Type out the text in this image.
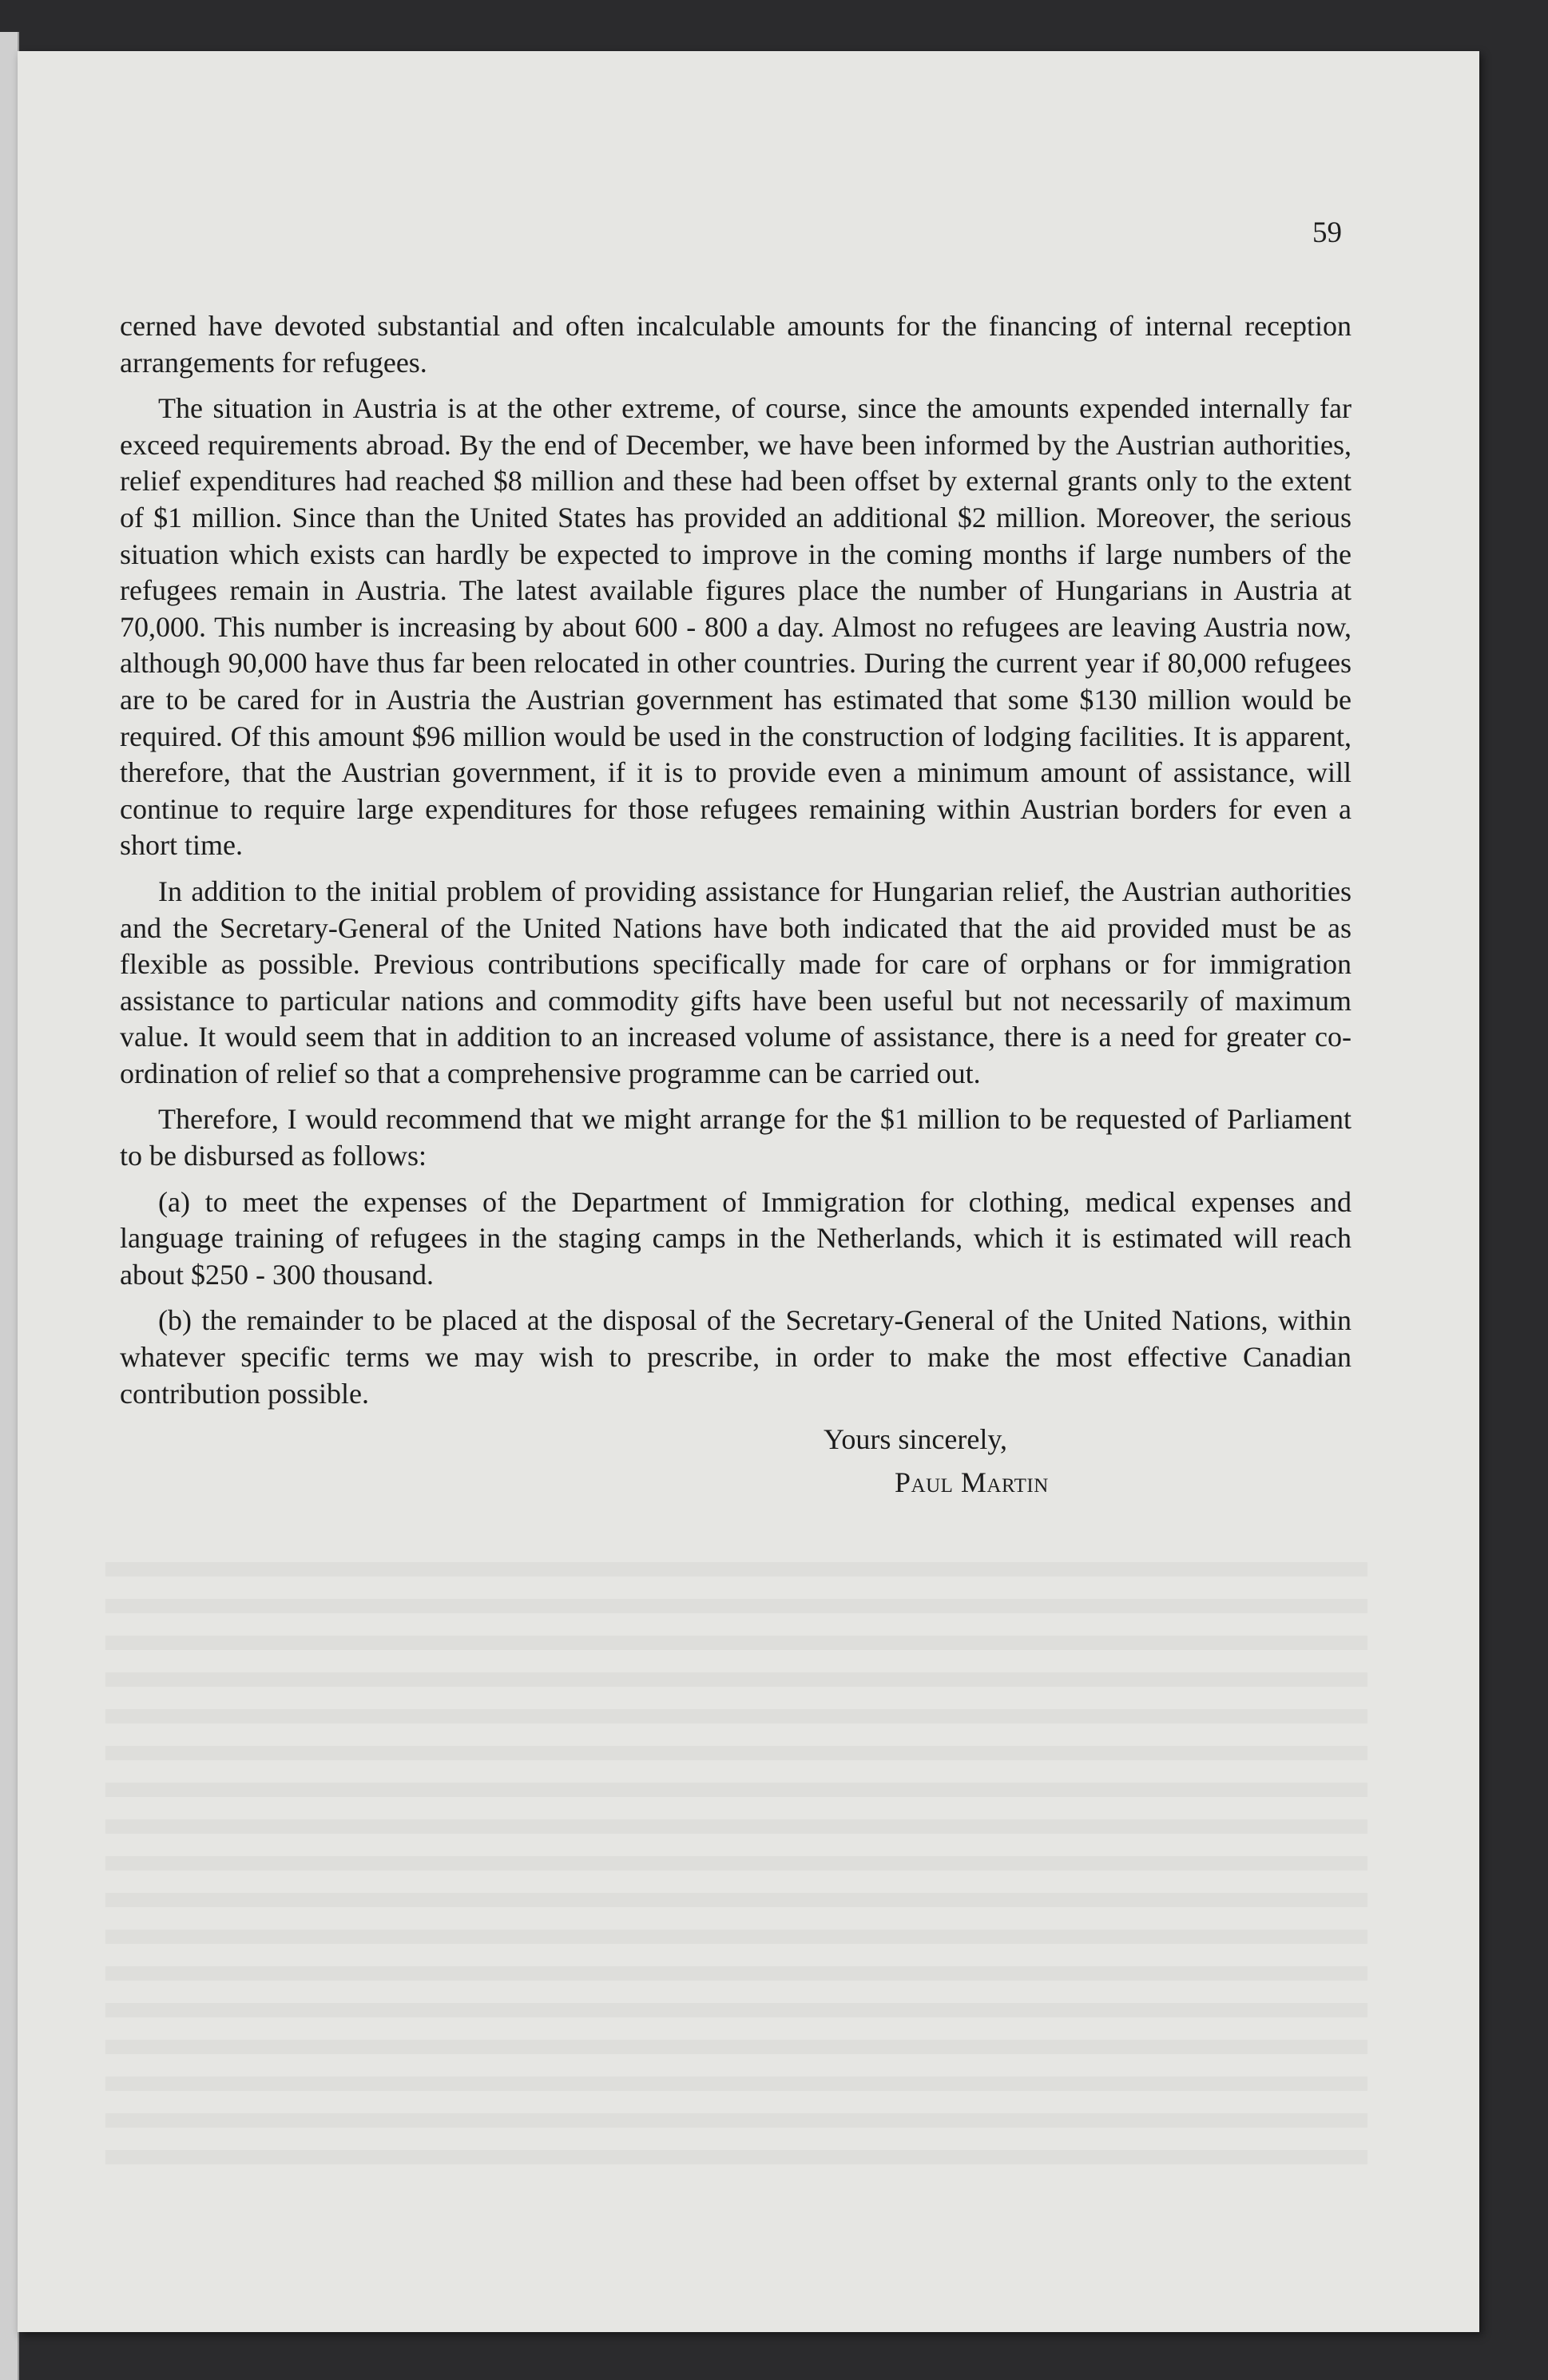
59

cerned have devoted substantial and often incalculable amounts for the financing of internal reception arrangements for refugees.

The situation in Austria is at the other extreme, of course, since the amounts expended internally far exceed requirements abroad. By the end of December, we have been informed by the Austrian authorities, relief expenditures had reached $8 million and these had been offset by external grants only to the extent of $1 million. Since than the United States has provided an additional $2 million. Moreover, the serious situation which exists can hardly be expected to improve in the coming months if large numbers of the refugees remain in Austria. The latest available figures place the number of Hungarians in Austria at 70,000. This number is increasing by about 600 - 800 a day. Almost no refugees are leaving Austria now, although 90,000 have thus far been relocated in other countries. During the current year if 80,000 refugees are to be cared for in Austria the Austrian government has estimated that some $130 million would be required. Of this amount $96 million would be used in the construction of lodging facilities. It is apparent, therefore, that the Austrian government, if it is to provide even a minimum amount of assistance, will continue to require large expenditures for those refugees remaining within Austrian borders for even a short time.

In addition to the initial problem of providing assistance for Hungarian relief, the Austrian authorities and the Secretary-General of the United Nations have both indicated that the aid provided must be as flexible as possible. Previous contributions specifically made for care of orphans or for immigration assistance to particular nations and commodity gifts have been useful but not necessarily of maximum value. It would seem that in addition to an increased volume of assistance, there is a need for greater co-ordination of relief so that a comprehensive programme can be carried out.

Therefore, I would recommend that we might arrange for the $1 million to be requested of Parliament to be disbursed as follows:

(a) to meet the expenses of the Department of Immigration for clothing, medical expenses and language training of refugees in the staging camps in the Netherlands, which it is estimated will reach about $250 - 300 thousand.

(b) the remainder to be placed at the disposal of the Secretary-General of the United Nations, within whatever specific terms we may wish to prescribe, in order to make the most effective Canadian contribution possible.

Yours sincerely,
Paul Martin
